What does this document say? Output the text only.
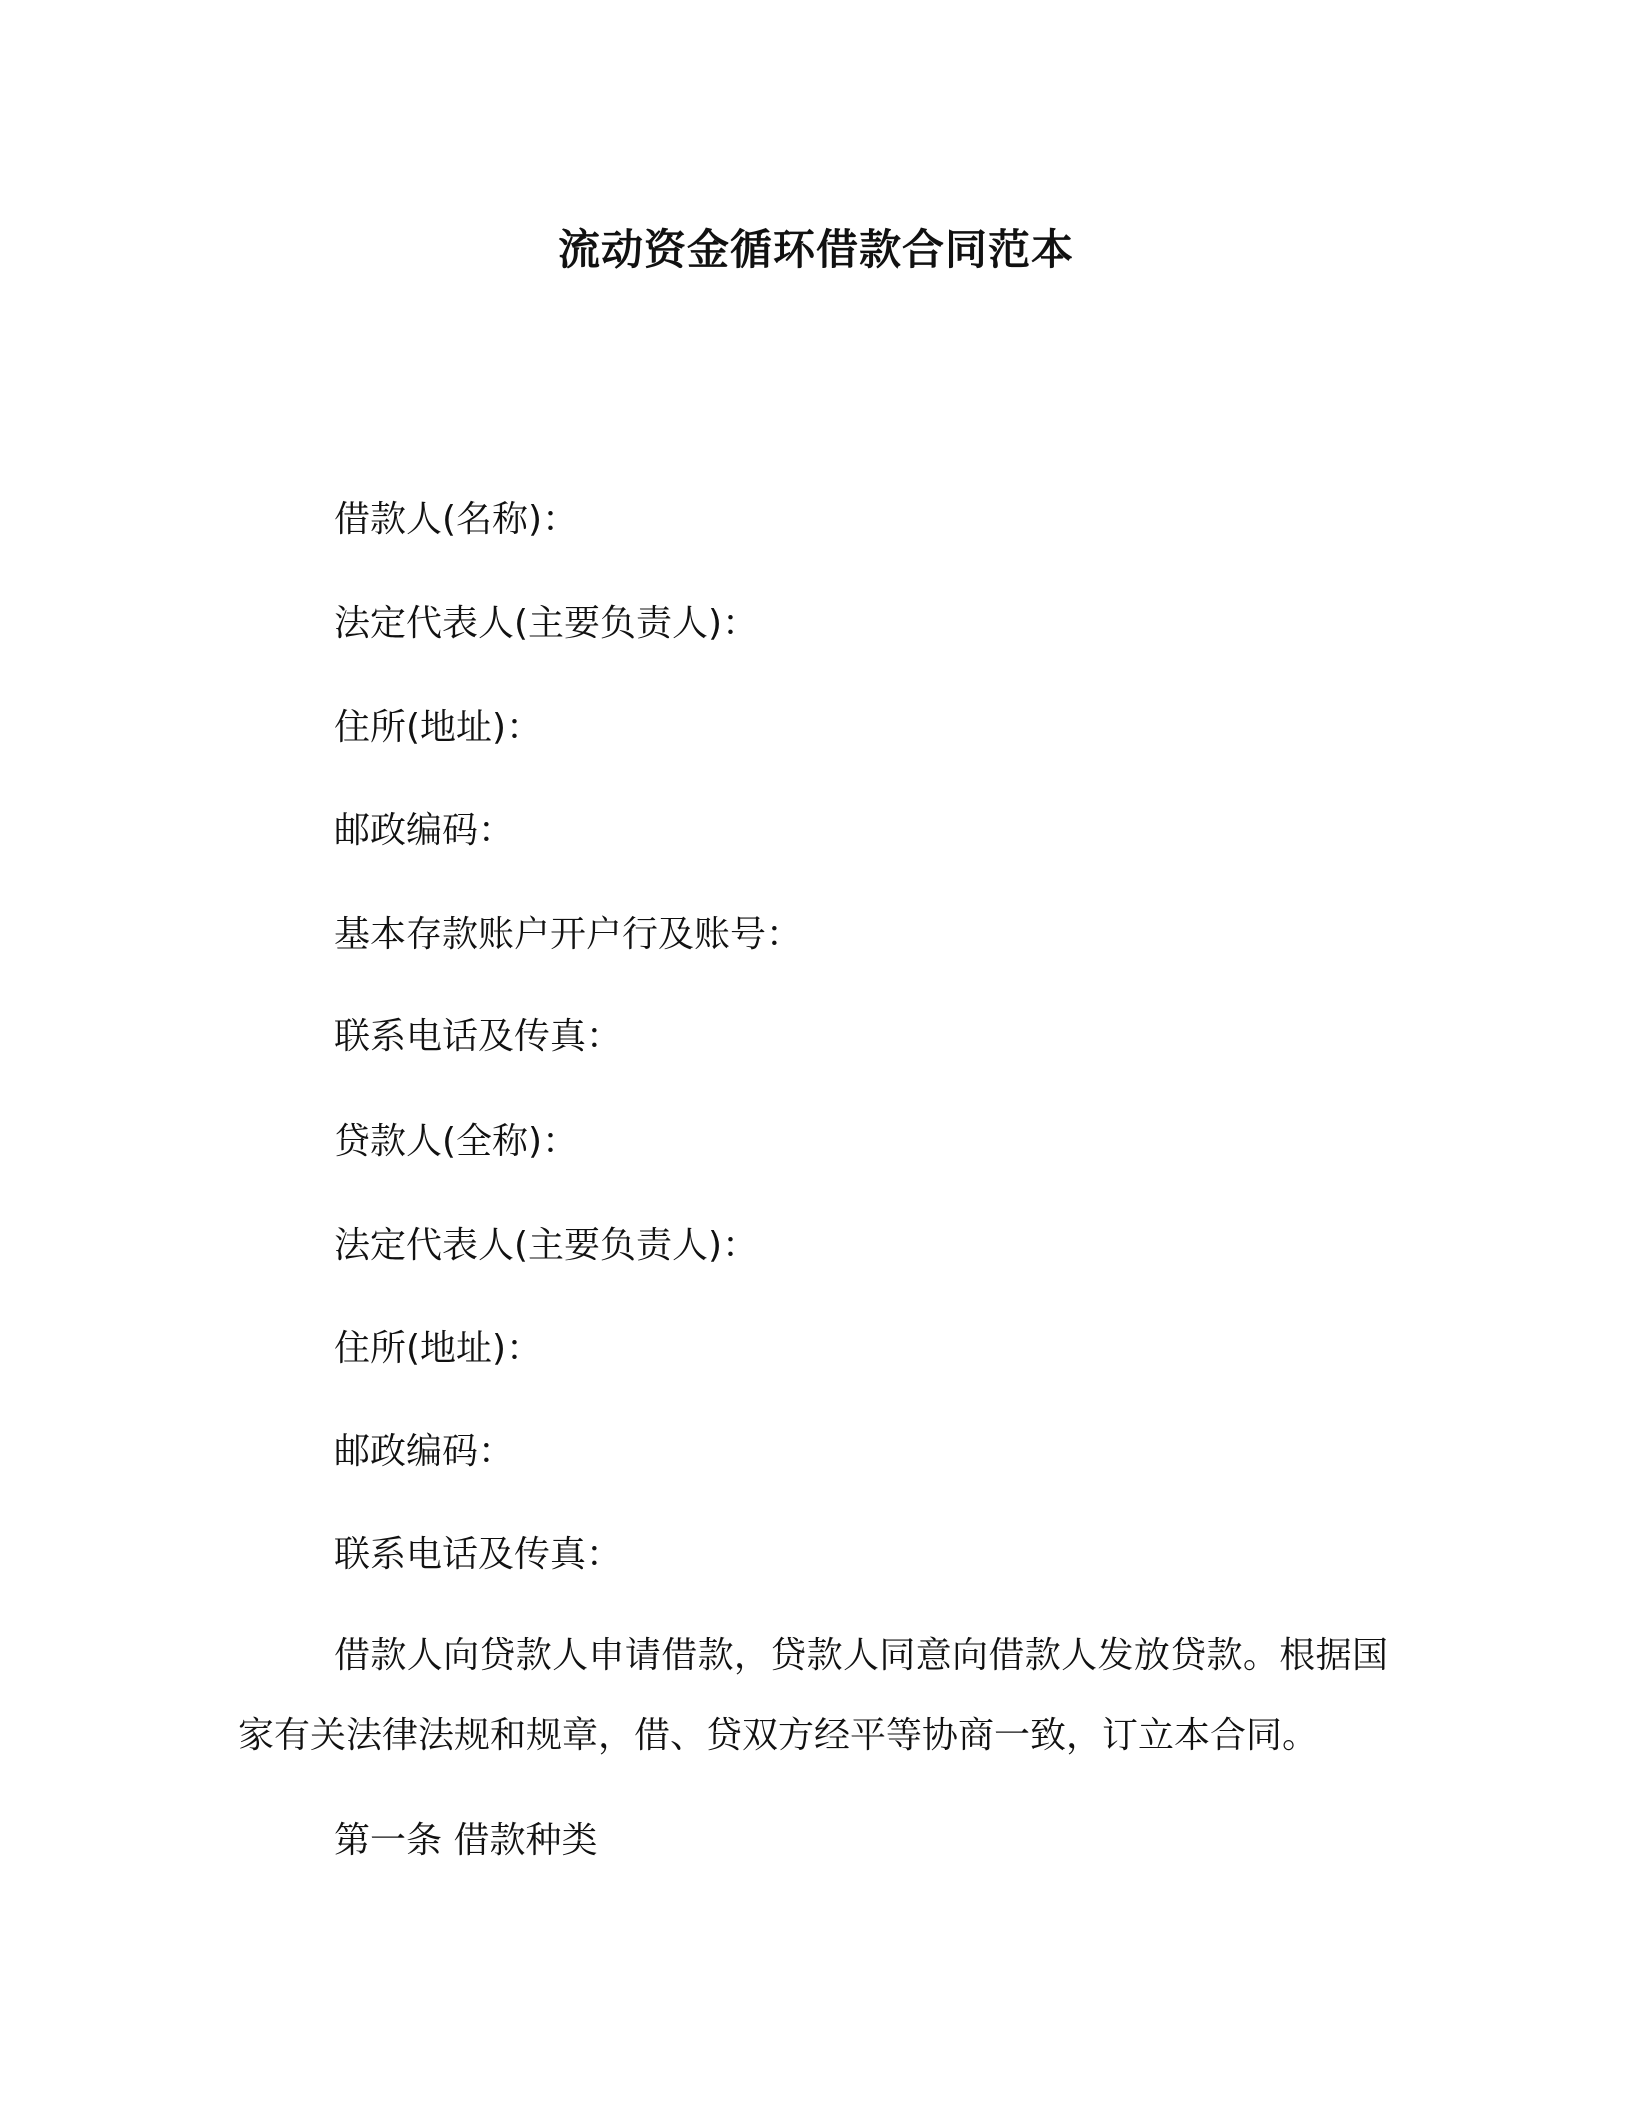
流动资金循环借款合同范本
借款人(名称)：
法定代表人(主要负责人)：
住所(地址)：
邮政编码：
基本存款账户开户行及账号：
联系电话及传真：
贷款人(全称)：
法定代表人(主要负责人)：
住所(地址)：
邮政编码：
联系电话及传真：
借款人向贷款人申请借款，贷款人同意向借款人发放贷款。根据国家有关法律法规和规章，借、贷双方经平等协商一致，订立本合同。
第一条 借款种类
